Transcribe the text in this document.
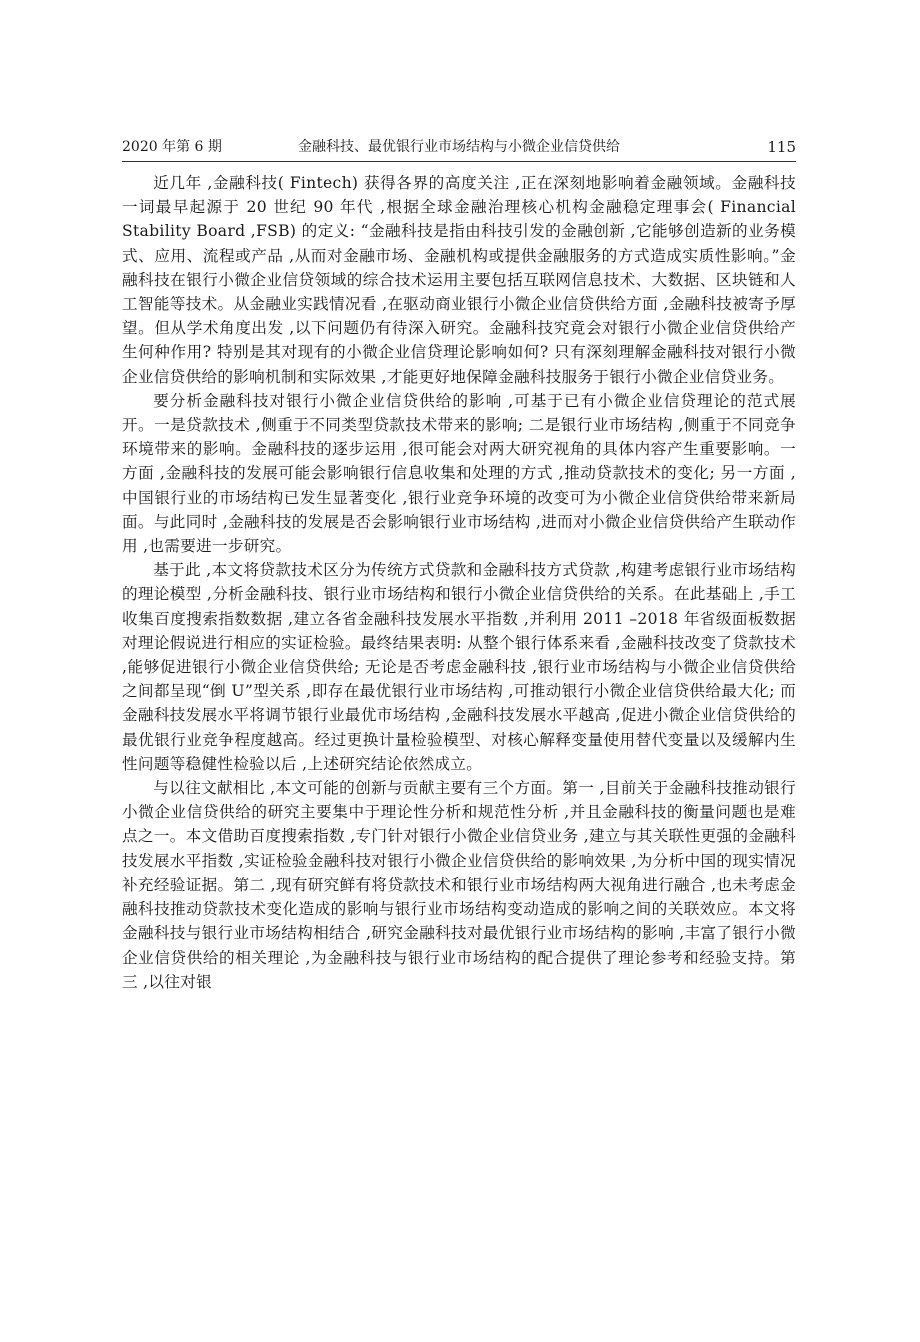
2020 年第 6 期	金融科技、最优银行业市场结构与小微企业信贷供给	115

近几年 ,金融科技( Fintech) 获得各界的高度关注 ,正在深刻地影响着金融领域。金融科技一词最早起源于 20 世纪 90 年代 ,根据全球金融治理核心机构金融稳定理事会( Financial Stability Board ,FSB) 的定义: “金融科技是指由科技引发的金融创新 ,它能够创造新的业务模式、应用、流程或产品 ,从而对金融市场、金融机构或提供金融服务的方式造成实质性影响。”金融科技在银行小微企业信贷领域的综合技术运用主要包括互联网信息技术、大数据、区块链和人工智能等技术。从金融业实践情况看 ,在驱动商业银行小微企业信贷供给方面 ,金融科技被寄予厚望。但从学术角度出发 ,以下问题仍有待深入研究。金融科技究竟会对银行小微企业信贷供给产生何种作用? 特别是其对现有的小微企业信贷理论影响如何? 只有深刻理解金融科技对银行小微企业信贷供给的影响机制和实际效果 ,才能更好地保障金融科技服务于银行小微企业信贷业务。

要分析金融科技对银行小微企业信贷供给的影响 ,可基于已有小微企业信贷理论的范式展开。一是贷款技术 ,侧重于不同类型贷款技术带来的影响; 二是银行业市场结构 ,侧重于不同竞争环境带来的影响。金融科技的逐步运用 ,很可能会对两大研究视角的具体内容产生重要影响。一方面 ,金融科技的发展可能会影响银行信息收集和处理的方式 ,推动贷款技术的变化; 另一方面 ,中国银行业的市场结构已发生显著变化 ,银行业竞争环境的改变可为小微企业信贷供给带来新局面。与此同时 ,金融科技的发展是否会影响银行业市场结构 ,进而对小微企业信贷供给产生联动作用 ,也需要进一步研究。

基于此 ,本文将贷款技术区分为传统方式贷款和金融科技方式贷款 ,构建考虑银行业市场结构的理论模型 ,分析金融科技、银行业市场结构和银行小微企业信贷供给的关系。在此基础上 ,手工收集百度搜索指数数据 ,建立各省金融科技发展水平指数 ,并利用 2011 –2018 年省级面板数据对理论假说进行相应的实证检验。最终结果表明: 从整个银行体系来看 ,金融科技改变了贷款技术 ,能够促进银行小微企业信贷供给; 无论是否考虑金融科技 ,银行业市场结构与小微企业信贷供给之间都呈现“倒 U”型关系 ,即存在最优银行业市场结构 ,可推动银行小微企业信贷供给最大化; 而金融科技发展水平将调节银行业最优市场结构 ,金融科技发展水平越高 ,促进小微企业信贷供给的最优银行业竞争程度越高。经过更换计量检验模型、对核心解释变量使用替代变量以及缓解内生性问题等稳健性检验以后 ,上述研究结论依然成立。

与以往文献相比 ,本文可能的创新与贡献主要有三个方面。第一 ,目前关于金融科技推动银行小微企业信贷供给的研究主要集中于理论性分析和规范性分析 ,并且金融科技的衡量问题也是难点之一。本文借助百度搜索指数 ,专门针对银行小微企业信贷业务 ,建立与其关联性更强的金融科技发展水平指数 ,实证检验金融科技对银行小微企业信贷供给的影响效果 ,为分析中国的现实情况补充经验证据。第二 ,现有研究鲜有将贷款技术和银行业市场结构两大视角进行融合 ,也未考虑金融科技推动贷款技术变化造成的影响与银行业市场结构变动造成的影响之间的关联效应。本文将金融科技与银行业市场结构相结合 ,研究金融科技对最优银行业市场结构的影响 ,丰富了银行小微企业信贷供给的相关理论 ,为金融科技与银行业市场结构的配合提供了理论参考和经验支持。第三 ,以往对银
